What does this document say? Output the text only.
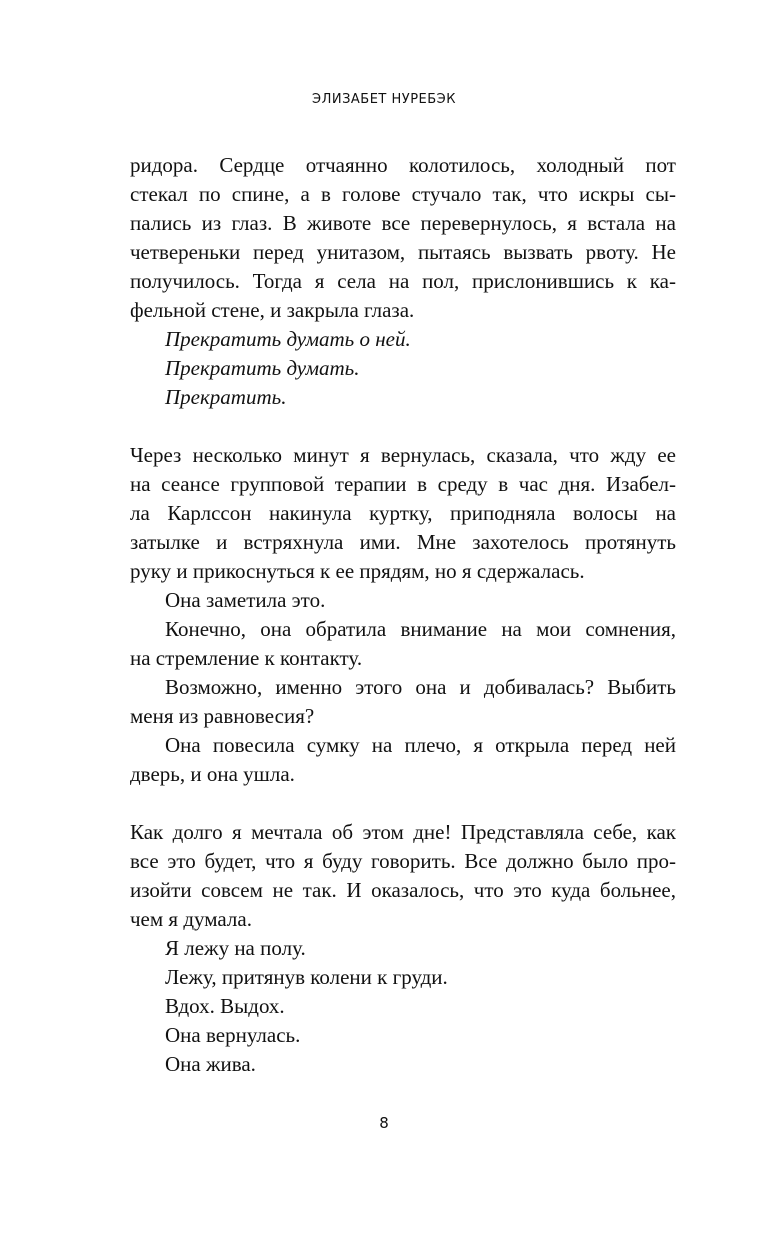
ЭЛИЗАБЕТ НУРЕБЭК
ридора. Сердце отчаянно колотилось, холодный пот
стекал по спине, а в голове стучало так, что искры сы-
пались из глаз. В животе все перевернулось, я встала на
четвереньки перед унитазом, пытаясь вызвать рвоту. Не
получилось. Тогда я села на пол, прислонившись к ка-
фельной стене, и закрыла глаза.
Прекратить думать о ней.
Прекратить думать.
Прекратить.
Через несколько минут я вернулась, сказала, что жду ее
на сеансе групповой терапии в среду в час дня. Изабел-
ла Карлссон накинула куртку, приподняла волосы на
затылке и встряхнула ими. Мне захотелось протянуть
руку и прикоснуться к ее прядям, но я сдержалась.
Она заметила это.
Конечно, она обратила внимание на мои сомнения,
на стремление к контакту.
Возможно, именно этого она и добивалась? Выбить
меня из равновесия?
Она повесила сумку на плечо, я открыла перед ней
дверь, и она ушла.
Как долго я мечтала об этом дне! Представляла себе, как
все это будет, что я буду говорить. Все должно было про-
изойти совсем не так. И оказалось, что это куда больнее,
чем я думала.
Я лежу на полу.
Лежу, притянув колени к груди.
Вдох. Выдох.
Она вернулась.
Она жива.
8
